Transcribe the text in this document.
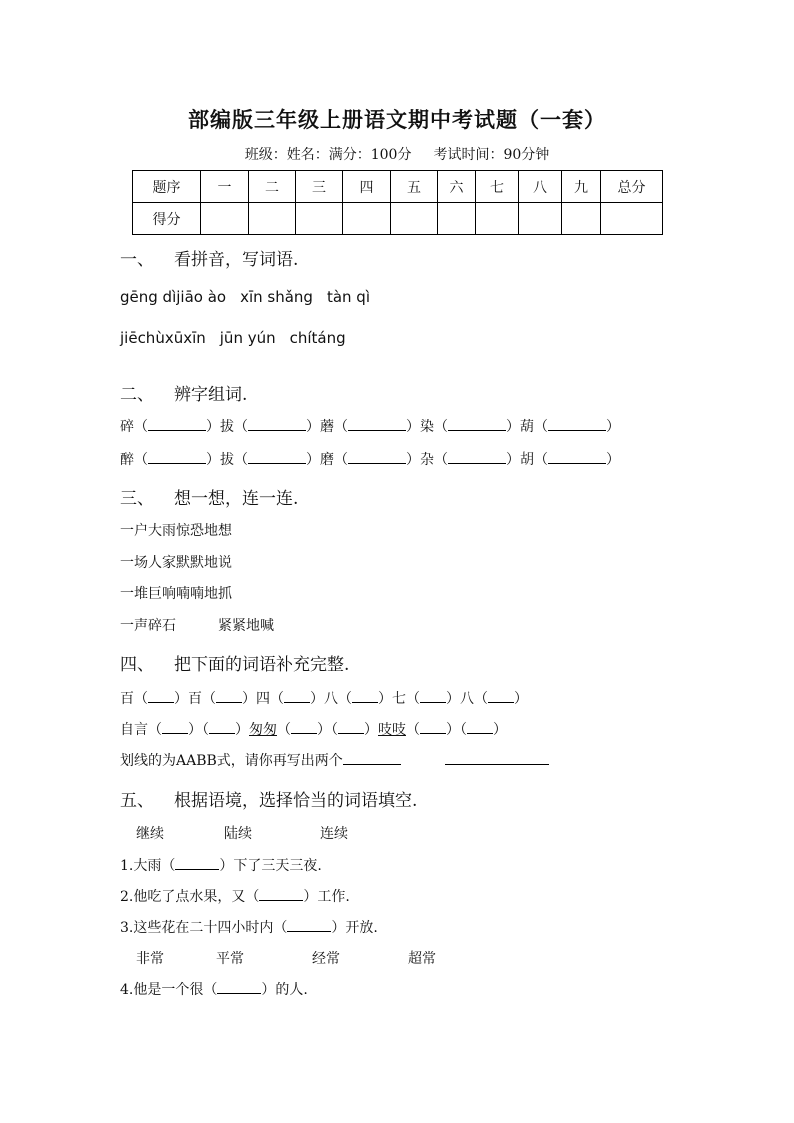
部编版三年级上册语文期中考试题（一套）
班级：姓名：满分：100分 考试时间：90分钟
题序	一	二	三	四	五	六	七	八	九	总分
得分										
一、 看拼音，写词语.
gēng dìjiāo ào xīn shǎng tàn qì
jiēchùxūxīn jūn yún chítáng
二、 辨字组词.
碎（	）拔（	）蘑（	）染（	）葫（	）
醉（	）拔（	）磨（	）杂（	）胡（	）
三、 想一想，连一连.
一户大雨惊恐地想
一场人家默默地说
一堆巨响喃喃地抓
一声碎石	紧紧地喊
四、 把下面的词语补充完整.
百（ ）百（ ）四（ ）八（ ）七（ ）八（ ）
自言（ ）（ ）匆匆（ ）（ ）吱吱（ ）（ ）
划线的为AABB式，请你再写出两个
五、 根据语境，选择恰当的词语填空.
继续	陆续	连续
1.大雨（	）下了三天三夜.
2.他吃了点水果，又（	）工作.
3.这些花在二十四小时内（	）开放.
非常	平常	经常	超常
4.他是一个很（	）的人.
